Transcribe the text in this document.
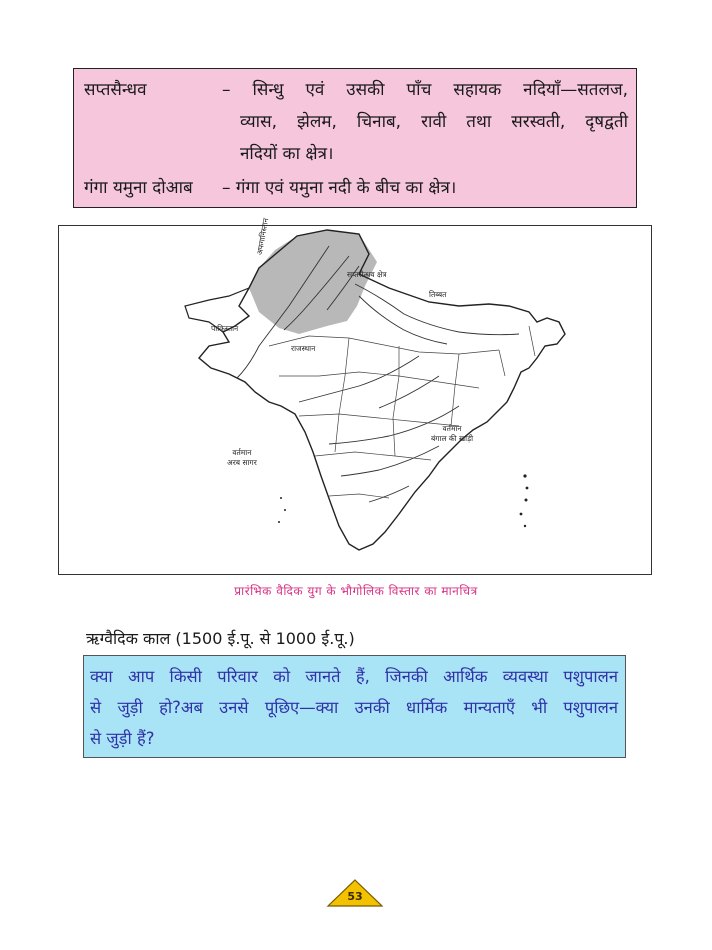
सप्तसैन्धव	– सिन्धु एवं उसकी पाँच सहायक नदियाँ—सतलज,
व्यास, झेलम, चिनाब, रावी तथा सरस्वती, दृषद्वती
नदियों का क्षेत्र।
गंगा यमुना दोआब – गंगा एवं यमुना नदी के बीच का क्षेत्र।
अफगानिस्तान
सप्तसैन्धव क्षेत्र
तिब्बत
पाकिस्तान
राजस्थान
वर्तमान
अरब सागर
वर्तमान
बंगाल की खाड़ी
प्रारंभिक वैदिक युग के भौगोलिक विस्तार का मानचित्र
ऋग्वैदिक काल (1500 ई.पू. से 1000 ई.पू.)
क्या आप किसी परिवार को जानते हैं, जिनकी आर्थिक व्यवस्था पशुपालन
से जुड़ी हो?अब उनसे पूछिए—क्या उनकी धार्मिक मान्यताएँ भी पशुपालन
से जुड़ी हैं?
53
